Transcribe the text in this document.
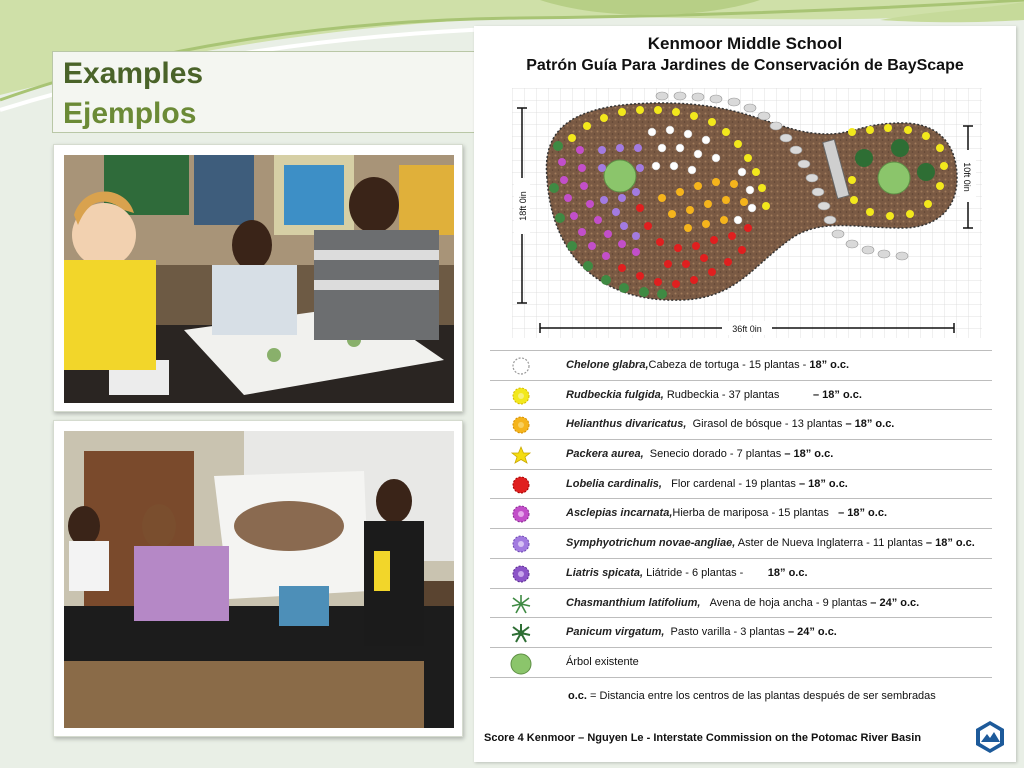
Examples
Ejemplos
Kenmoor Middle School
Patrón Guía Para Jardines de Conservación de BayScape
18ft 0in
10ft 0in
36ft 0in
Chelone glabra,Cabeza de tortuga - 15 plantas - 18” o.c.
Rudbeckia fulgida, Rudbeckia - 37 plantas	– 18” o.c.
Helianthus divaricatus, Girasol de bósque - 13 plantas – 18” o.c.
Packera aurea, Senecio dorado - 7 plantas – 18” o.c.
Lobelia cardinalis, Flor cardenal - 19 plantas – 18” o.c.
Asclepias incarnata,Hierba de mariposa - 15 plantas – 18” o.c.
Symphyotrichum novae-angliae, Aster de Nueva Inglaterra - 11 plantas – 18” o.c.
Liatris spicata, Liátride - 6 plantas - 18” o.c.
Chasmanthium latifolium, Avena de hoja ancha - 9 plantas – 24” o.c.
Panicum virgatum, Pasto varilla - 3 plantas – 24” o.c.
Árbol existente
o.c. = Distancia entre los centros de las plantas después de ser sembradas
Score 4 Kenmoor – Nguyen Le - Interstate Commission on the Potomac River Basin
